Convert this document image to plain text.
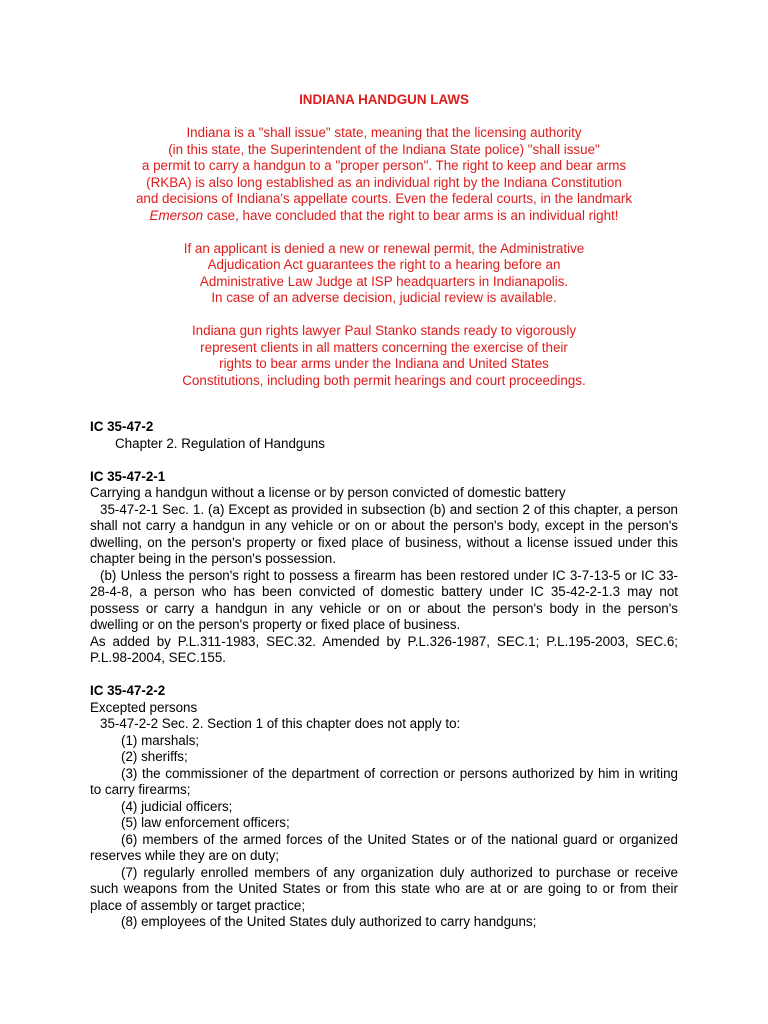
INDIANA HANDGUN LAWS

Indiana is a "shall issue" state, meaning that the licensing authority
(in this state, the Superintendent of the Indiana State police) "shall issue"
a permit to carry a handgun to a "proper person". The right to keep and bear arms
(RKBA) is also long established as an individual right by the Indiana Constitution
and decisions of Indiana's appellate courts. Even the federal courts, in the landmark
Emerson case, have concluded that the right to bear arms is an individual right!

If an applicant is denied a new or renewal permit, the Administrative
Adjudication Act guarantees the right to a hearing before an
Administrative Law Judge at ISP headquarters in Indianapolis.
In case of an adverse decision, judicial review is available.

Indiana gun rights lawyer Paul Stanko stands ready to vigorously
represent clients in all matters concerning the exercise of their
rights to bear arms under the Indiana and United States
Constitutions, including both permit hearings and court proceedings.

IC 35-47-2
Chapter 2. Regulation of Handguns
IC 35-47-2-1
Carrying a handgun without a license or by person convicted of domestic battery
35-47-2-1 Sec. 1. (a) Except as provided in subsection (b) and section 2 of this chapter, a person shall not carry a handgun in any vehicle or on or about the person's body, except in the person's dwelling, on the person's property or fixed place of business, without a license issued under this chapter being in the person's possession.
(b) Unless the person's right to possess a firearm has been restored under IC 3-7-13-5 or IC 33-28-4-8, a person who has been convicted of domestic battery under IC 35-42-2-1.3 may not possess or carry a handgun in any vehicle or on or about the person's body in the person's dwelling or on the person's property or fixed place of business.
As added by P.L.311-1983, SEC.32. Amended by P.L.326-1987, SEC.1; P.L.195-2003, SEC.6; P.L.98-2004, SEC.155.
IC 35-47-2-2
Excepted persons
35-47-2-2 Sec. 2. Section 1 of this chapter does not apply to:
(1) marshals;
(2) sheriffs;
(3) the commissioner of the department of correction or persons authorized by him in writing to carry firearms;
(4) judicial officers;
(5) law enforcement officers;
(6) members of the armed forces of the United States or of the national guard or organized reserves while they are on duty;
(7) regularly enrolled members of any organization duly authorized to purchase or receive such weapons from the United States or from this state who are at or are going to or from their place of assembly or target practice;
(8) employees of the United States duly authorized to carry handguns;
